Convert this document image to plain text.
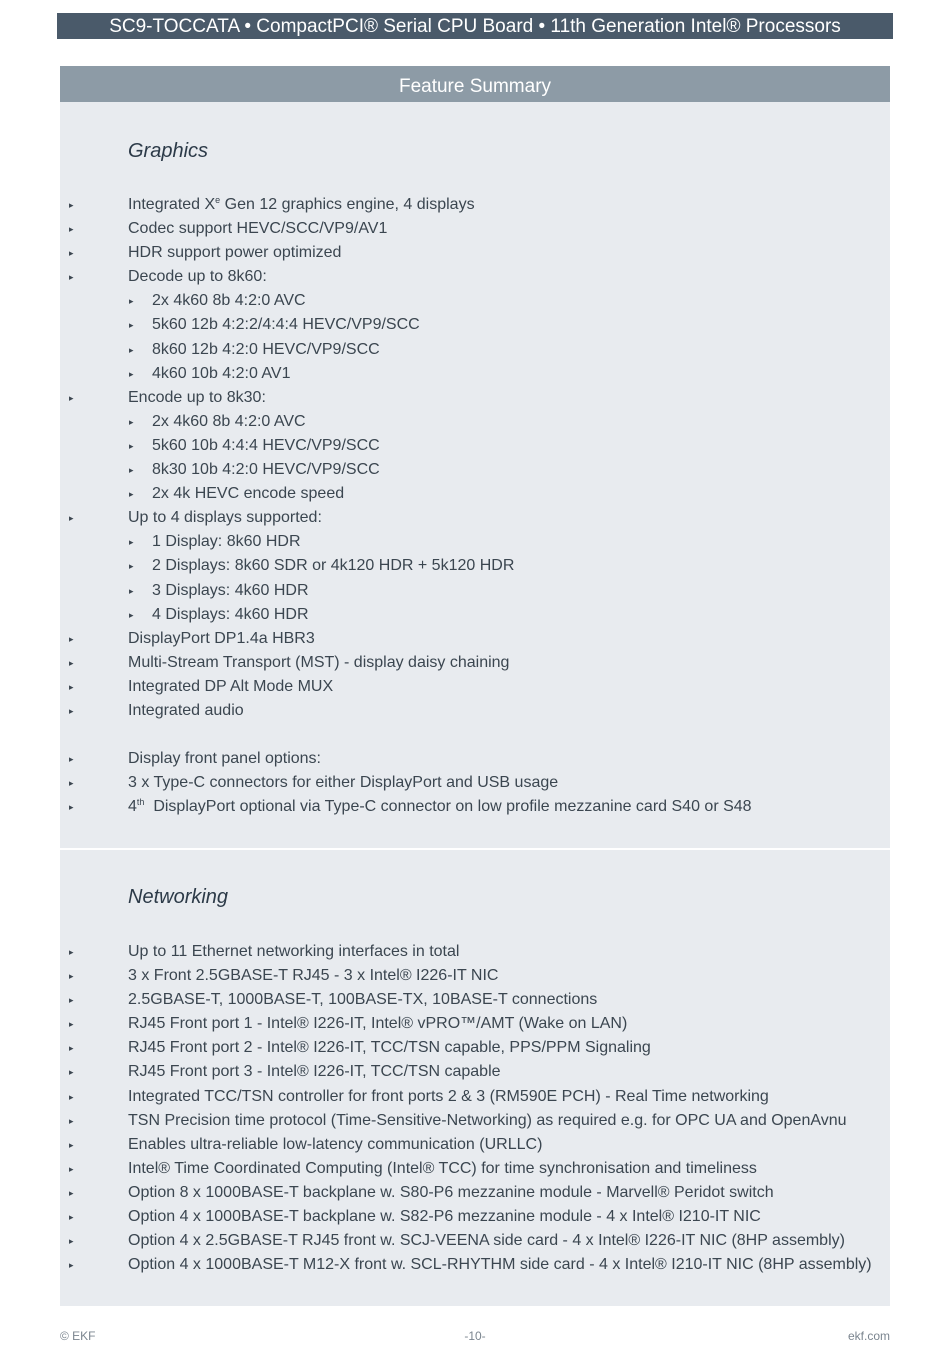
SC9-TOCCATA • CompactPCI® Serial CPU Board • 11th Generation Intel® Processors
Feature Summary
Graphics
▸	Integrated Xe Gen 12 graphics engine, 4 displays
▸	Codec support HEVC/SCC/VP9/AV1
▸	HDR support power optimized
▸	Decode up to 8k60:
▸ 2x 4k60 8b 4:2:0 AVC
▸ 5k60 12b 4:2:2/4:4:4 HEVC/VP9/SCC
▸ 8k60 12b 4:2:0 HEVC/VP9/SCC
▸ 4k60 10b 4:2:0 AV1
▸	Encode up to 8k30:
▸ 2x 4k60 8b 4:2:0 AVC
▸ 5k60 10b 4:4:4 HEVC/VP9/SCC
▸ 8k30 10b 4:2:0 HEVC/VP9/SCC
▸ 2x 4k HEVC encode speed
▸	Up to 4 displays supported:
▸ 1 Display: 8k60 HDR
▸ 2 Displays: 8k60 SDR or 4k120 HDR + 5k120 HDR
▸ 3 Displays: 4k60 HDR
▸ 4 Displays: 4k60 HDR
▸	DisplayPort DP1.4a HBR3
▸	Multi-Stream Transport (MST) - display daisy chaining
▸	Integrated DP Alt Mode MUX
▸	Integrated audio
▸	Display front panel options:
▸	3 x Type-C connectors for either DisplayPort and USB usage
▸	4th  DisplayPort optional via Type-C connector on low profile mezzanine card S40 or S48
Networking
▸	Up to 11 Ethernet networking interfaces in total
▸	3 x Front 2.5GBASE-T RJ45 - 3 x Intel® I226-IT NIC
▸	2.5GBASE-T, 1000BASE-T, 100BASE-TX, 10BASE-T connections
▸	RJ45 Front port 1 - Intel® I226-IT, Intel® vPRO™/AMT (Wake on LAN)
▸	RJ45 Front port 2 - Intel® I226-IT, TCC/TSN capable, PPS/PPM Signaling
▸	RJ45 Front port 3 - Intel® I226-IT, TCC/TSN capable
▸	Integrated TCC/TSN controller for front ports 2 & 3 (RM590E PCH) - Real Time networking
▸	TSN Precision time protocol (Time-Sensitive-Networking) as required e.g. for OPC UA and OpenAvnu
▸	Enables ultra-reliable low-latency communication (URLLC)
▸	Intel® Time Coordinated Computing (Intel® TCC) for time synchronisation and timeliness
▸	Option 8 x 1000BASE-T backplane w. S80-P6 mezzanine module - Marvell® Peridot switch
▸	Option 4 x 1000BASE-T backplane w. S82-P6 mezzanine module - 4 x Intel® I210-IT NIC
▸	Option 4 x 2.5GBASE-T RJ45 front w. SCJ-VEENA side card - 4 x Intel® I226-IT NIC (8HP assembly)
▸	Option 4 x 1000BASE-T M12-X front w. SCL-RHYTHM side card - 4 x Intel® I210-IT NIC (8HP assembly)
© EKF	-10-	ekf.com
